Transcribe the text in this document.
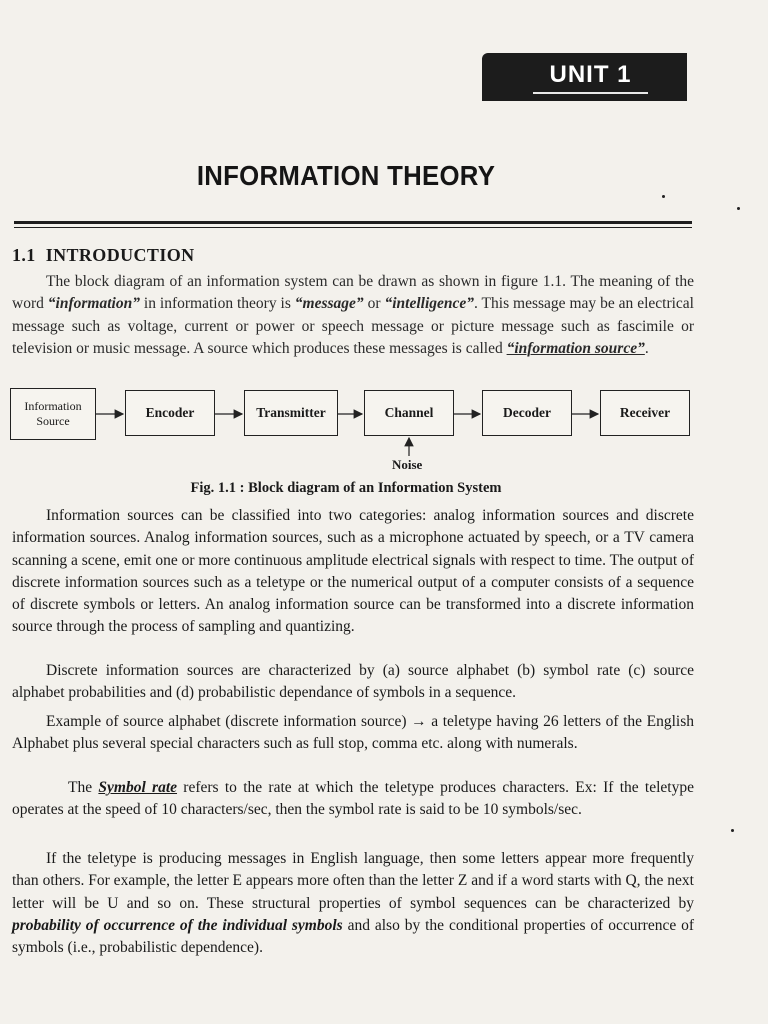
UNIT 1
INFORMATION THEORY
1.1 INTRODUCTION
The block diagram of an information system can be drawn as shown in figure 1.1. The meaning of the word “information” in information theory is “message” or “intelligence”. This message may be an electrical message such as voltage, current or power or speech message or picture message such as fascimile or television or music message. A source which produces these messages is called “information source”.
Information Source
Encoder	Transmitter	Channel	Decoder	Receiver
Noise
Fig. 1.1 : Block diagram of an Information System
Information sources can be classified into two categories: analog information sources and discrete information sources. Analog information sources, such as a microphone actuated by speech, or a TV camera scanning a scene, emit one or more continuous amplitude electrical signals with respect to time. The output of discrete information sources such as a teletype or the numerical output of a computer consists of a sequence of discrete symbols or letters. An analog information source can be transformed into a discrete information source through the process of sampling and quantizing.
Discrete information sources are characterized by (a) source alphabet (b) symbol rate (c) source alphabet probabilities and (d) probabilistic dependance of symbols in a sequence.
Example of source alphabet (discrete information source) → a teletype having 26 letters of the English Alphabet plus several special characters such as full stop, comma etc. along with numerals.
The Symbol rate refers to the rate at which the teletype produces characters. Ex: If the teletype operates at the speed of 10 characters/sec, then the symbol rate is said to be 10 symbols/sec.
If the teletype is producing messages in English language, then some letters appear more frequently than others. For example, the letter E appears more often than the letter Z and if a word starts with Q, the next letter will be U and so on. These structural properties of symbol sequences can be characterized by probability of occurrence of the individual symbols and also by the conditional properties of occurrence of symbols (i.e., probabilistic dependence).
